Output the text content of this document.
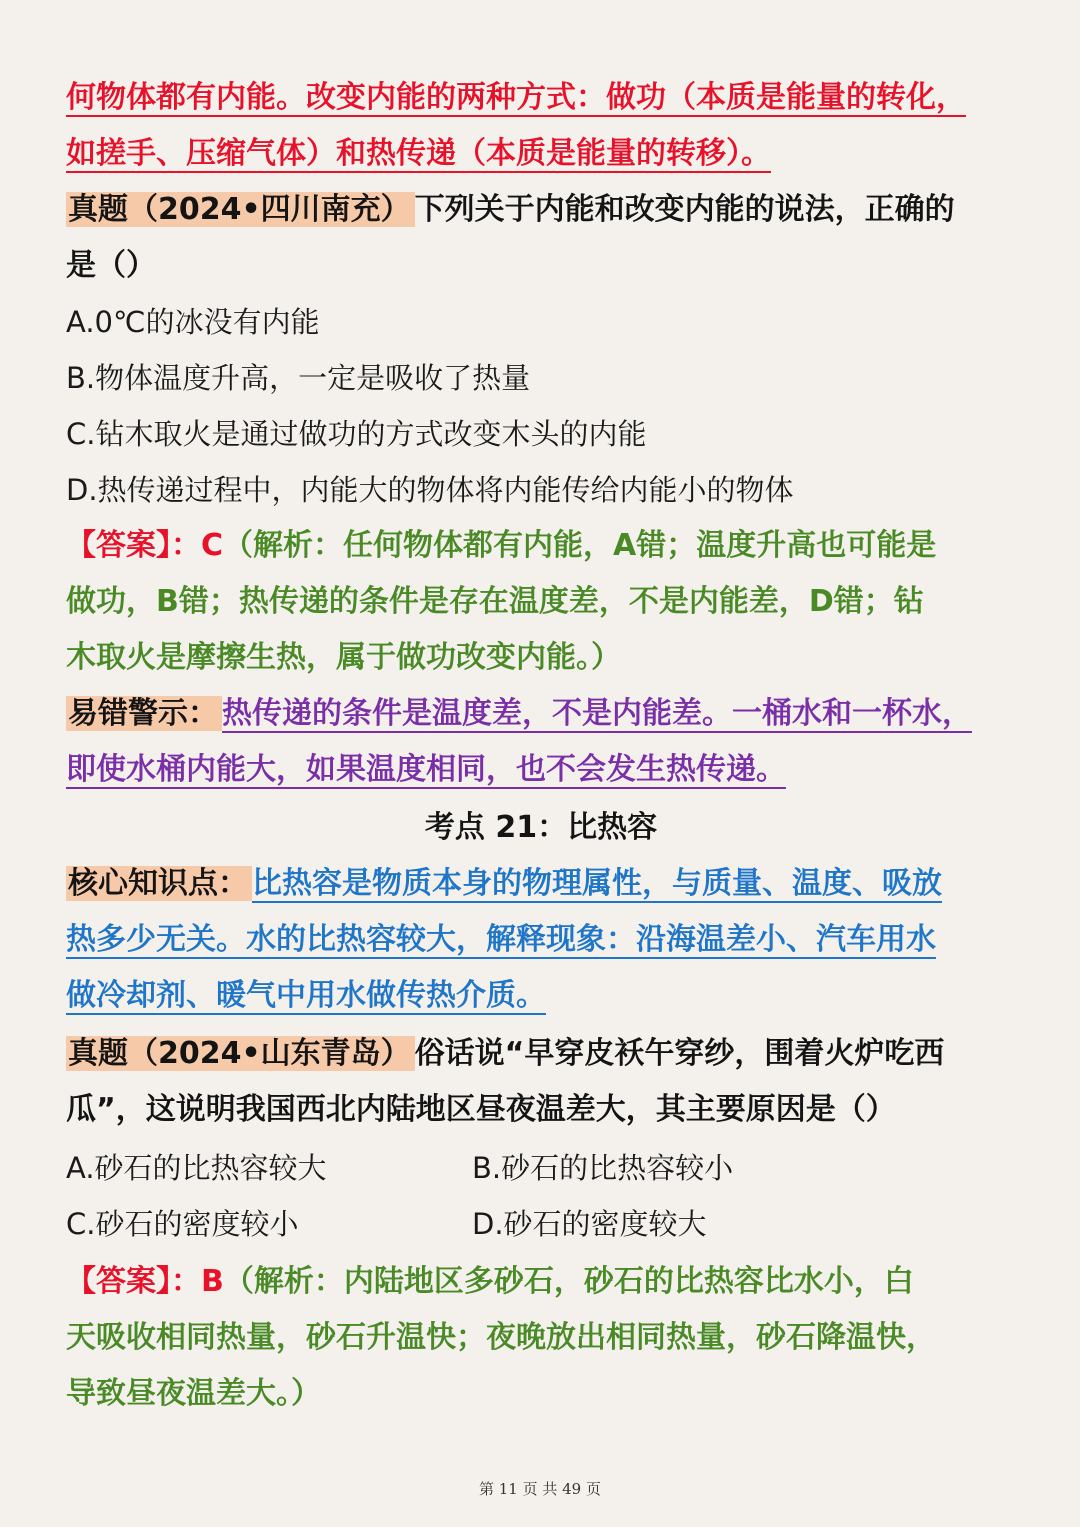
何物体都有内能。改变内能的两种方式：做功（本质是能量的转化，
如搓手、压缩气体）和热传递（本质是能量的转移）。
真题（2024•四川南充） 下列关于内能和改变内能的说法，正确的
是（）
A.0℃的冰没有内能
B.物体温度升高，一定是吸收了热量
C.钻木取火是通过做功的方式改变木头的内能
D.热传递过程中，内能大的物体将内能传给内能小的物体
【答案】：C（解析：任何物体都有内能，A错；温度升高也可能是
做功，B错；热传递的条件是存在温度差，不是内能差，D错；钻
木取火是摩擦生热，属于做功改变内能。）
易错警示： 热传递的条件是温度差，不是内能差。一桶水和一杯水，
即使水桶内能大，如果温度相同，也不会发生热传递。
考点 21：比热容
核心知识点： 比热容是物质本身的物理属性，与质量、温度、吸放
热多少无关。水的比热容较大，解释现象：沿海温差小、汽车用水
做冷却剂、暖气中用水做传热介质。
真题（2024•山东青岛） 俗话说“早穿皮袄午穿纱，围着火炉吃西
瓜”，这说明我国西北内陆地区昼夜温差大，其主要原因是（）
A.砂石的比热容较大	B.砂石的比热容较小
C.砂石的密度较小	D.砂石的密度较大
【答案】：B（解析：内陆地区多砂石，砂石的比热容比水小，白
天吸收相同热量，砂石升温快；夜晚放出相同热量，砂石降温快，
导致昼夜温差大。）
第 11 页 共 49 页
